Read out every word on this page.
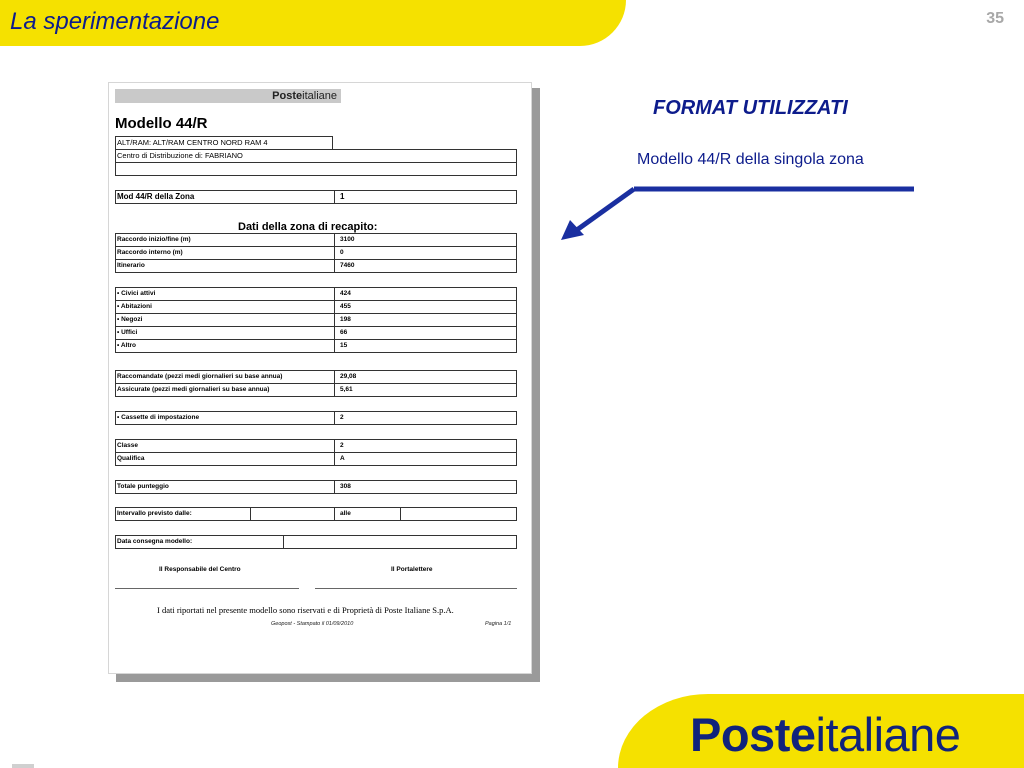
La sperimentazione	35
FORMAT UTILIZZATI
Modello 44/R della singola zona
Posteitaliane
Modello 44/R
ALT/RAM: ALT/RAM CENTRO NORD RAM 4
Centro di Distribuzione di: FABRIANO
Mod 44/R della Zona	1
Dati della zona di recapito:
Raccordo inizio/fine (m)	3100
Raccordo interno (m)	0
Itinerario	7460
• Civici attivi	424
• Abitazioni	455
• Negozi	198
• Uffici	66
• Altro	15
Raccomandate (pezzi medi giornalieri su base annua)	29,08
Assicurate (pezzi medi giornalieri su base annua)	5,61
• Cassette di impostazione	2
Classe	2
Qualifica	A
Totale punteggio	308
Intervallo previsto dalle:	alle
Data consegna modello:
Il Responsabile del Centro	Il Portalettere
I dati riportati nel presente modello sono riservati e di Proprietà di Poste Italiane S.p.A.
Geopost - Stampato il 01/09/2010	Pagina 1/1
Posteitaliane
